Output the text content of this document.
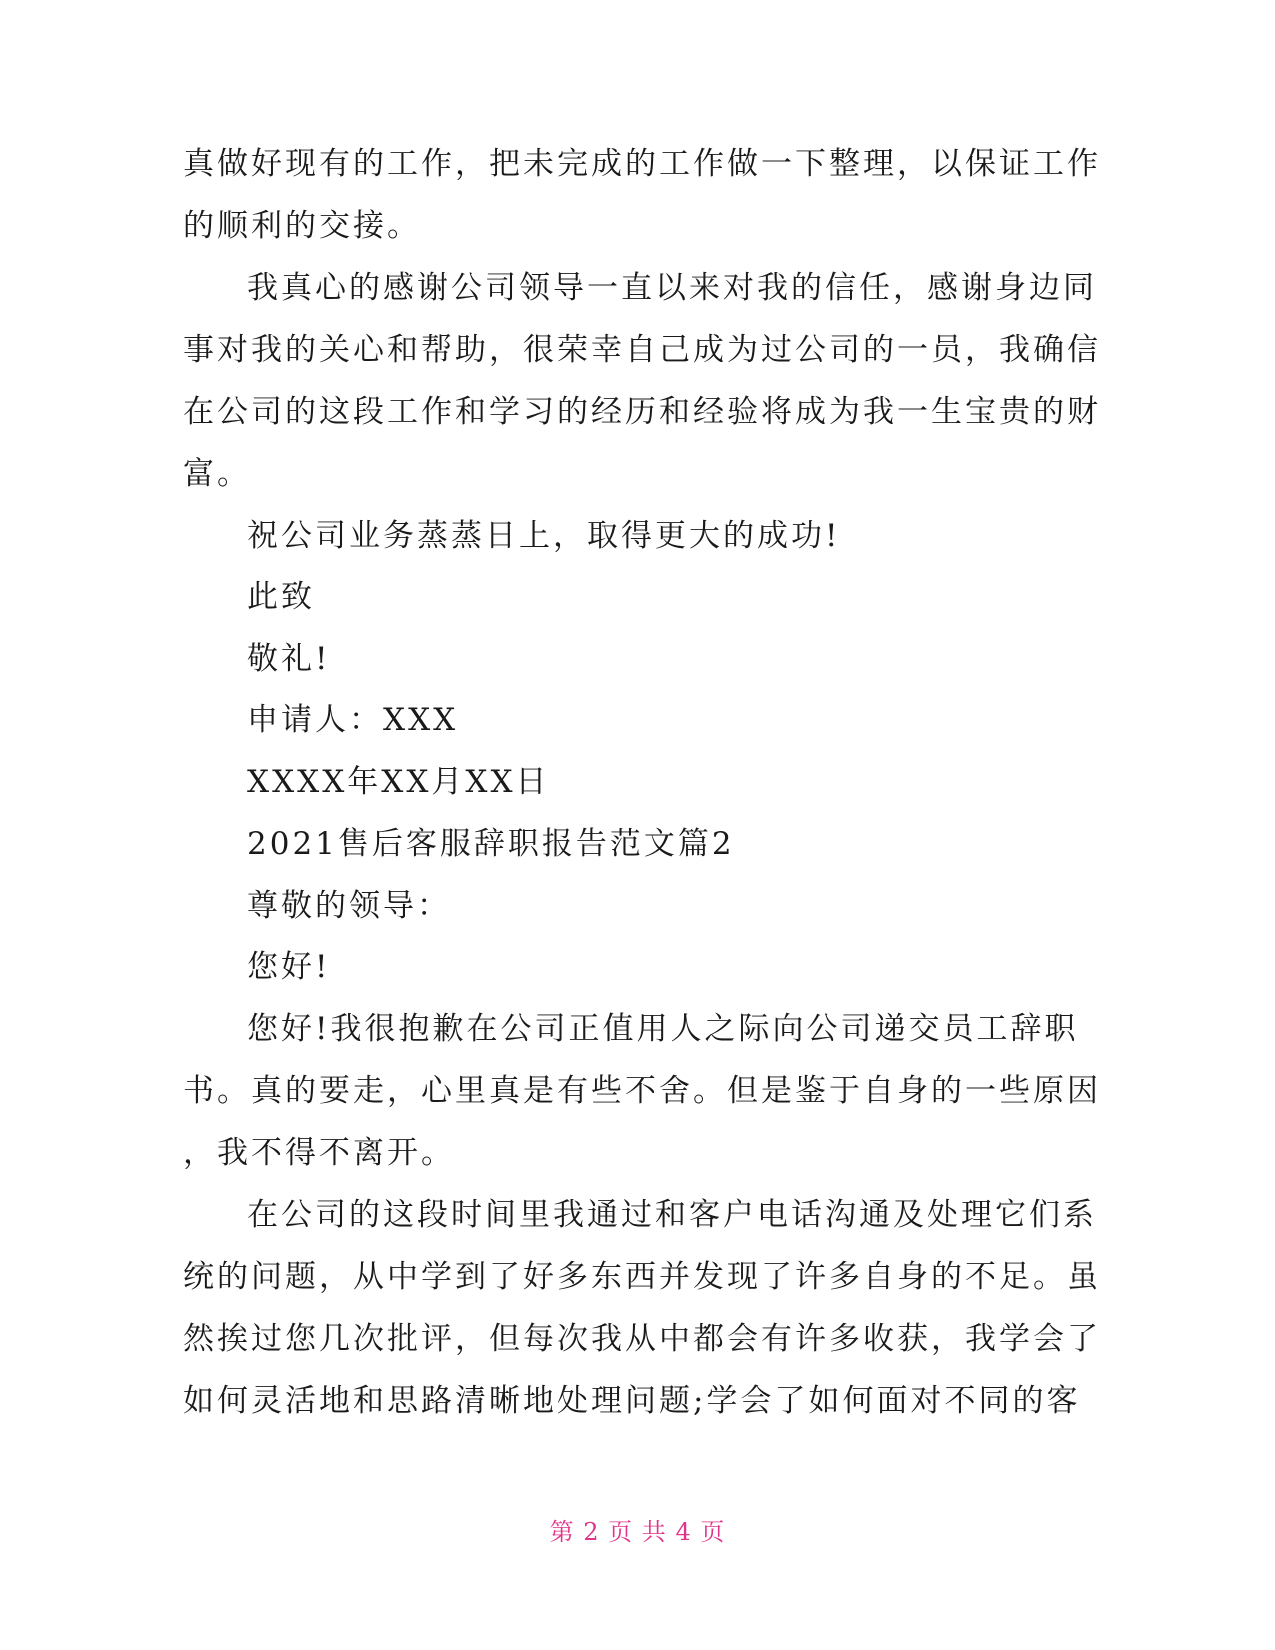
真做好现有的工作，把未完成的工作做一下整理，以保证工作
的顺利的交接。
我真心的感谢公司领导一直以来对我的信任，感谢身边同
事对我的关心和帮助，很荣幸自己成为过公司的一员，我确信
在公司的这段工作和学习的经历和经验将成为我一生宝贵的财
富。
祝公司业务蒸蒸日上，取得更大的成功!
此致
敬礼!
申请人：XXX
XXXX年XX月XX日
2021售后客服辞职报告范文篇2
尊敬的领导：
您好!
您好!我很抱歉在公司正值用人之际向公司递交员工辞职
书。真的要走，心里真是有些不舍。但是鉴于自身的一些原因
，我不得不离开。
在公司的这段时间里我通过和客户电话沟通及处理它们系
统的问题，从中学到了好多东西并发现了许多自身的不足。虽
然挨过您几次批评，但每次我从中都会有许多收获，我学会了
如何灵活地和思路清晰地处理问题;学会了如何面对不同的客
第 2 页 共 4 页
